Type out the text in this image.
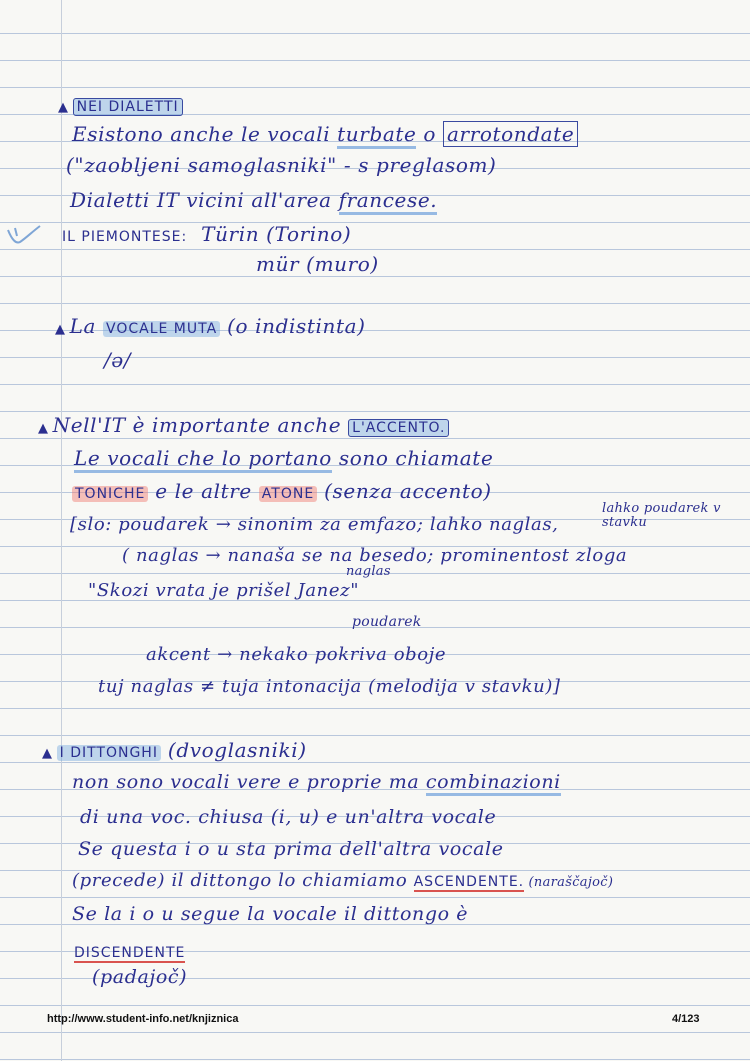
▲ NEI DIALETTI
Esistono anche le vocali turbate o arrotondate
("zaobljeni samoglasniki" - s preglasom)
Dialetti IT vicini all'area francese.
IL PIEMONTESE: Türin (Torino)
mür (muro)
▲ La VOCALE MUTA (o indistinta)
/ə/
▲ Nell'IT è importante anche L'ACCENTO.
Le vocali che lo portano sono chiamate
TONICHE e le altre ATONE (senza accento)
lahko poudarek v stavku
[slo: poudarek → sinonim za emfazo; lahko naglas,
( naglas → nanaša se na besedo; prominentost zloga
naglas
"Skozi vrata je prišel Janez"
poudarek
akcent → nekako pokriva oboje
tuj naglas ≠ tuja intonacija (melodija v stavku)]
▲ I DITTONGHI (dvoglasniki)
non sono vocali vere e proprie ma combinazioni
di una voc. chiusa (i, u) e un'altra vocale
Se questa i o u sta prima dell'altra vocale
(precede) il dittongo lo chiamiamo ASCENDENTE. (naraščajoč)
Se la i o u segue la vocale il dittongo è
DISCENDENTE
(padajoč)
http://www.student-info.net/knjiznica	4/123
